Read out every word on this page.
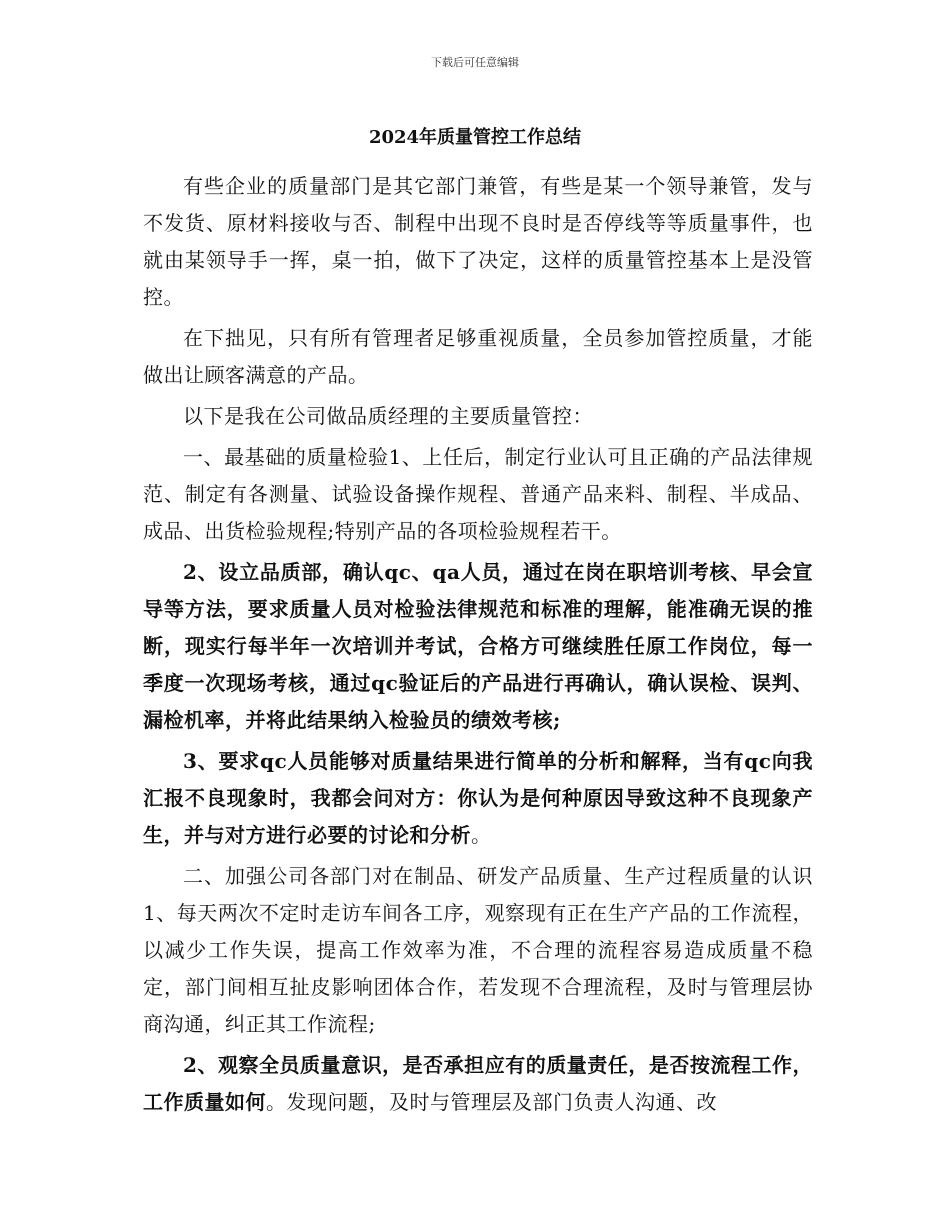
下载后可任意编辑
2024年质量管控工作总结

有些企业的质量部门是其它部门兼管，有些是某一个领导兼管，发与不发货、原材料接收与否、制程中出现不良时是否停线等等质量事件，也就由某领导手一挥，桌一拍，做下了决定，这样的质量管控基本上是没管控。

在下拙见，只有所有管理者足够重视质量，全员参加管控质量，才能做出让顾客满意的产品。

以下是我在公司做品质经理的主要质量管控：

一、最基础的质量检验1、上任后，制定行业认可且正确的产品法律规范、制定有各测量、试验设备操作规程、普通产品来料、制程、半成品、成品、出货检验规程;特别产品的各项检验规程若干。

2、设立品质部，确认qc、qa人员，通过在岗在职培训考核、早会宣导等方法，要求质量人员对检验法律规范和标准的理解，能准确无误的推断，现实行每半年一次培训并考试，合格方可继续胜任原工作岗位，每一季度一次现场考核，通过qc验证后的产品进行再确认，确认误检、误判、漏检机率，并将此结果纳入检验员的绩效考核;

3、要求qc人员能够对质量结果进行简单的分析和解释，当有qc向我汇报不良现象时，我都会问对方：你认为是何种原因导致这种不良现象产生，并与对方进行必要的讨论和分析。

二、加强公司各部门对在制品、研发产品质量、生产过程质量的认识1、每天两次不定时走访车间各工序，观察现有正在生产产品的工作流程，以减少工作失误，提高工作效率为准，不合理的流程容易造成质量不稳定，部门间相互扯皮影响团体合作，若发现不合理流程，及时与管理层协商沟通，纠正其工作流程;

2、观察全员质量意识，是否承担应有的质量责任，是否按流程工作，工作质量如何。发现问题，及时与管理层及部门负责人沟通、改
